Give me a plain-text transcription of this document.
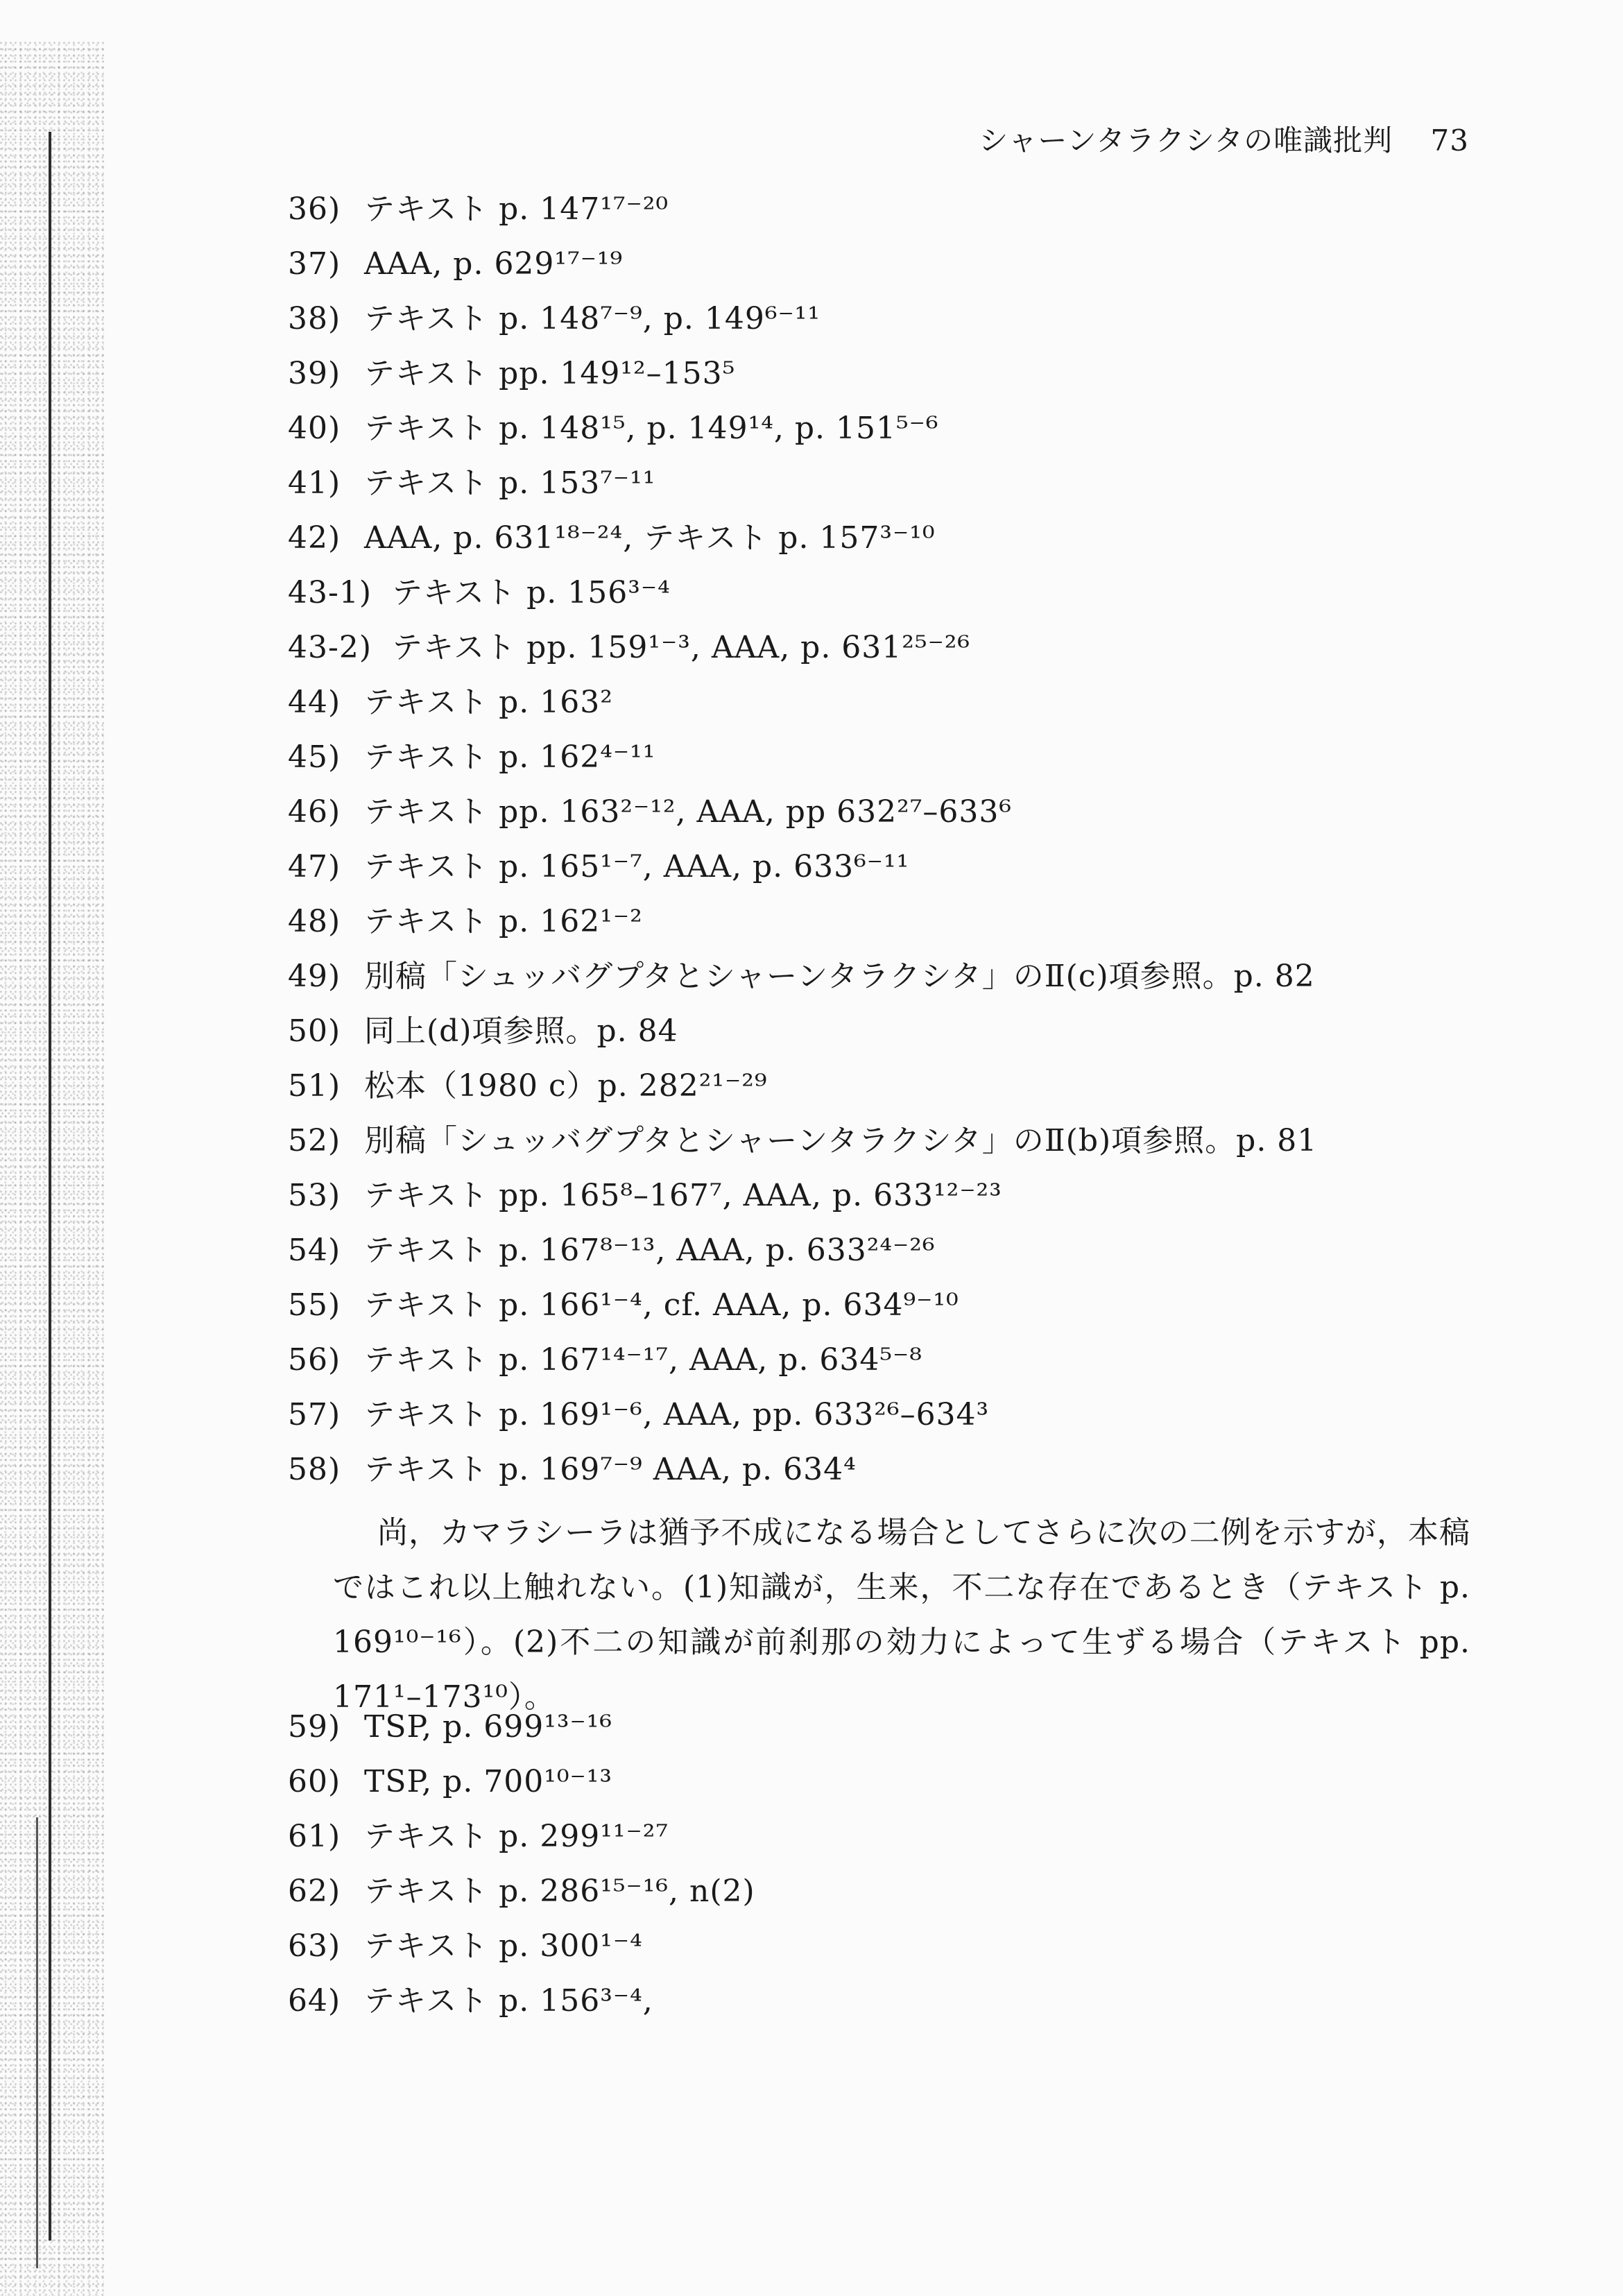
シャーンタラクシタの唯識批判 73
36) テキスト p. 147¹⁷⁻²⁰
37) AAA, p. 629¹⁷⁻¹⁹
38) テキスト p. 148⁷⁻⁹, p. 149⁶⁻¹¹
39) テキスト pp. 149¹²–153⁵
40) テキスト p. 148¹⁵, p. 149¹⁴, p. 151⁵⁻⁶
41) テキスト p. 153⁷⁻¹¹
42) AAA, p. 631¹⁸⁻²⁴, テキスト p. 157³⁻¹⁰
43-1) テキスト p. 156³⁻⁴
43-2) テキスト pp. 159¹⁻³, AAA, p. 631²⁵⁻²⁶
44) テキスト p. 163²
45) テキスト p. 162⁴⁻¹¹
46) テキスト pp. 163²⁻¹², AAA, pp 632²⁷–633⁶
47) テキスト p. 165¹⁻⁷, AAA, p. 633⁶⁻¹¹
48) テキスト p. 162¹⁻²
49) 別稿「シュッバグプタとシャーンタラクシタ」のⅡ(c)項参照。p. 82
50) 同上(d)項参照。p. 84
51) 松本（1980 c）p. 282²¹⁻²⁹
52) 別稿「シュッバグプタとシャーンタラクシタ」のⅡ(b)項参照。p. 81
53) テキスト pp. 165⁸–167⁷, AAA, p. 633¹²⁻²³
54) テキスト p. 167⁸⁻¹³, AAA, p. 633²⁴⁻²⁶
55) テキスト p. 166¹⁻⁴, cf. AAA, p. 634⁹⁻¹⁰
56) テキスト p. 167¹⁴⁻¹⁷, AAA, p. 634⁵⁻⁸
57) テキスト p. 169¹⁻⁶, AAA, pp. 633²⁶–634³
58) テキスト p. 169⁷⁻⁹ AAA, p. 634⁴
尚，カマラシーラは猶予不成になる場合としてさらに次の二例を示すが，本稿ではこれ以上触れない。(1)知識が，生来，不二な存在であるとき（テキスト p. 169¹⁰⁻¹⁶）。(2)不二の知識が前刹那の効力によって生ずる場合（テキスト pp. 171¹–173¹⁰）。
59) TSP, p. 699¹³⁻¹⁶
60) TSP, p. 700¹⁰⁻¹³
61) テキスト p. 299¹¹⁻²⁷
62) テキスト p. 286¹⁵⁻¹⁶, n(2)
63) テキスト p. 300¹⁻⁴
64) テキスト p. 156³⁻⁴,
